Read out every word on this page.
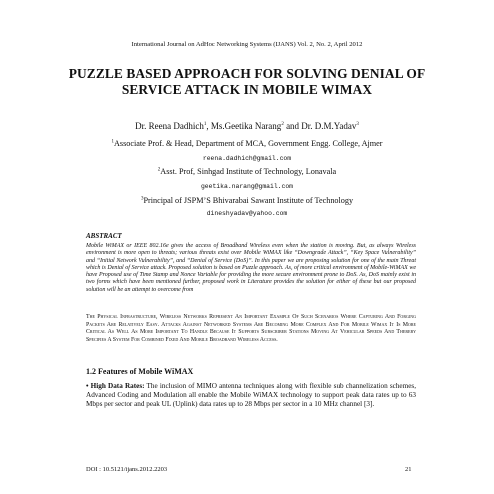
International Journal on AdHoc Networking Systems (IJANS) Vol. 2, No. 2, April 2012
PUZZLE BASED APPROACH FOR SOLVING DENIAL OF SERVICE ATTACK IN MOBILE WIMAX
Dr. Reena Dadhich$^1$, Ms.Geetika Narang$^2$ and Dr. D.M.Yadav$^3$
$^1$Associate Prof. & Head, Department of MCA, Government Engg. College, Ajmer
reena.dadhich@gmail.com
$^2$Asst. Prof, Sinhgad Institute of Technology, Lonavala
geetika.narang@gmail.com
$^3$Principal of JSPM’S Bhivarabai Sawant Institute of Technology
dineshyadav@yahoo.com
ABSTRACT

Mobile WiMAX or IEEE 802.16e gives the access of Broadband Wireless even when the station is moving. But, as always Wireless environment is more open to threats; various threats exist over Mobile WiMAX like “Downgrade Attack”, “Key Space Vulnerability” and “Initial Network Vulnerability”, and “Denial of Service (DoS)”. In this paper we are proposing solution for one of the main Threat which is Denial of Service attack. Proposed solution is based on Puzzle approach. As, of more critical environment of Mobile-WiMAX we have Proposed use of Time Stamp and Nonce Variable for providing the more secure environment prone to DoS. As, DoS mainly exist in two forms which have been mentioned further, proposed work in Literature provides the solution for either of these but our proposed solution will be an attempt to overcome from

The Physical Infrastructure, Wireless Networks Represent An Important Example Of Such Scenarios Where Capturing And Forging Packets Are Relatively Easy. Attacks Against Networked Systems Are Becoming More Complex And For Mobile Wimax It Is More Critical As Well As More Important To Handle Because It Supports Subscriber Stations Moving At Vehicular Speeds And Thereby Specifies A System For Combined Fixed And Mobile Broadband Wireless Access.

1.2 Features of Mobile WiMAX

• High Data Rates: The inclusion of MIMO antenna techniques along with flexible sub channelization schemes, Advanced Coding and Modulation all enable the Mobile WiMAX technology to support peak data rates up to 63 Mbps per sector and peak UL (Uplink) data rates up to 28 Mbps per sector in a 10 MHz channel [3].

DOI : 10.5121/ijans.2012.2203	21
